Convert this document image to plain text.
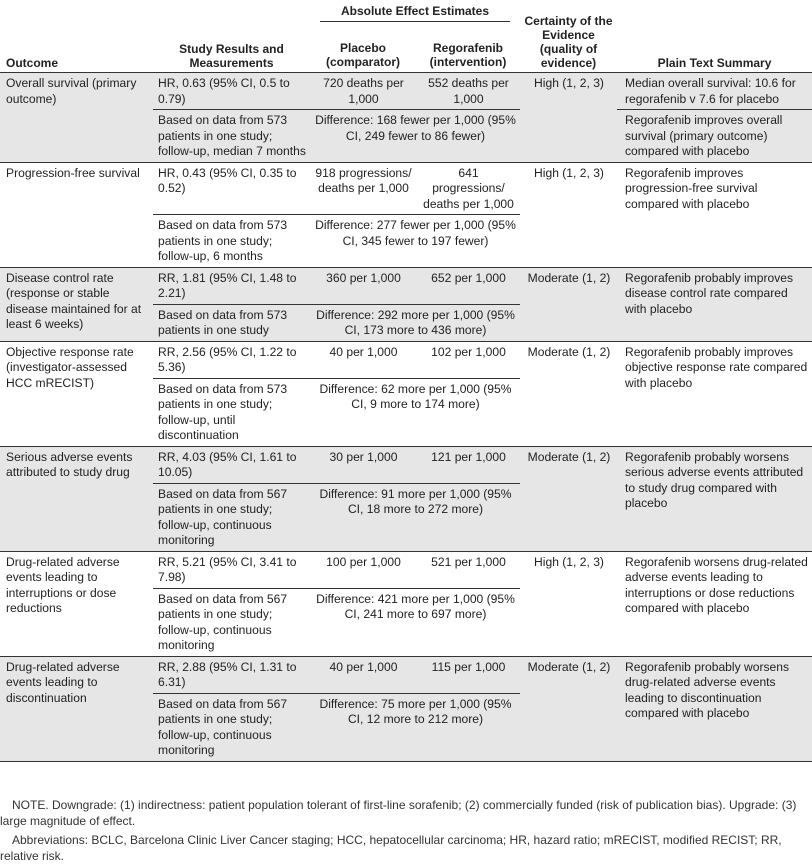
Outcome	Study Results and Measurements	Absolute Effect Estimates		Certainty of the Evidence (quality of evidence)	Plain Text Summary
		Placebo (comparator)	Regorafenib (intervention)		
Overall survival (primary outcome)	HR, 0.63 (95% CI, 0.5 to 0.79)	720 deaths per 1,000	552 deaths per 1,000	High (1, 2, 3)	Median overall survival: 10.6 for regorafenib v 7.6 for placebo
	Based on data from 573 patients in one study; follow-up, median 7 months	Difference: 168 fewer per 1,000 (95% CI, 249 fewer to 86 fewer)			Regorafenib improves overall survival (primary outcome) compared with placebo
Progression-free survival	HR, 0.43 (95% CI, 0.35 to 0.52)	918 progressions/ deaths per 1,000	641 progressions/ deaths per 1,000	High (1, 2, 3)	Regorafenib improves progression-free survival compared with placebo
	Based on data from 573 patients in one study; follow-up, 6 months	Difference: 277 fewer per 1,000 (95% CI, 345 fewer to 197 fewer)			
Disease control rate (response or stable disease maintained for at least 6 weeks)	RR, 1.81 (95% CI, 1.48 to 2.21)	360 per 1,000	652 per 1,000	Moderate (1, 2)	Regorafenib probably improves disease control rate compared with placebo
	Based on data from 573 patients in one study	Difference: 292 more per 1,000 (95% CI, 173 more to 436 more)			
Objective response rate (investigator-assessed HCC mRECIST)	RR, 2.56 (95% CI, 1.22 to 5.36)	40 per 1,000	102 per 1,000	Moderate (1, 2)	Regorafenib probably improves objective response rate compared with placebo
	Based on data from 573 patients in one study; follow-up, until discontinuation	Difference: 62 more per 1,000 (95% CI, 9 more to 174 more)			
Serious adverse events attributed to study drug	RR, 4.03 (95% CI, 1.61 to 10.05)	30 per 1,000	121 per 1,000	Moderate (1, 2)	Regorafenib probably worsens serious adverse events attributed to study drug compared with placebo
	Based on data from 567 patients in one study; follow-up, continuous monitoring	Difference: 91 more per 1,000 (95% CI, 18 more to 272 more)			
Drug-related adverse events leading to interruptions or dose reductions	RR, 5.21 (95% CI, 3.41 to 7.98)	100 per 1,000	521 per 1,000	High (1, 2, 3)	Regorafenib worsens drug-related adverse events leading to interruptions or dose reductions compared with placebo
	Based on data from 567 patients in one study; follow-up, continuous monitoring	Difference: 421 more per 1,000 (95% CI, 241 more to 697 more)			
Drug-related adverse events leading to discontinuation	RR, 2.88 (95% CI, 1.31 to 6.31)	40 per 1,000	115 per 1,000	Moderate (1, 2)	Regorafenib probably worsens drug-related adverse events leading to discontinuation compared with placebo
	Based on data from 567 patients in one study; follow-up, continuous monitoring	Difference: 75 more per 1,000 (95% CI, 12 more to 212 more)			

NOTE. Downgrade: (1) indirectness: patient population tolerant of first-line sorafenib; (2) commercially funded (risk of publication bias). Upgrade: (3) large magnitude of effect.

Abbreviations: BCLC, Barcelona Clinic Liver Cancer staging; HCC, hepatocellular carcinoma; HR, hazard ratio; mRECIST, modified RECIST; RR, relative risk.
